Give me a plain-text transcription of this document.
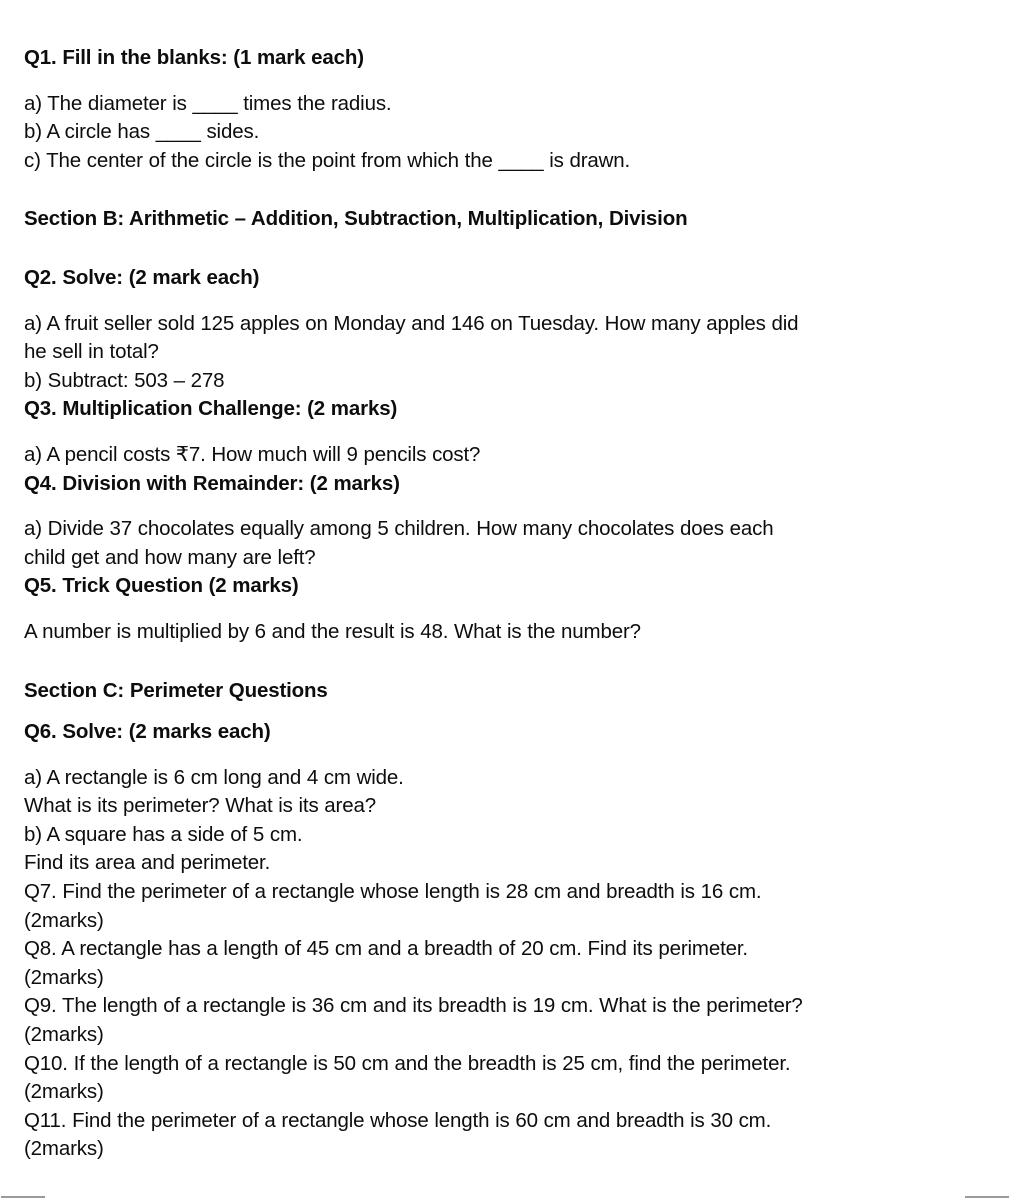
Q1. Fill in the blanks: (1 mark each)
a) The diameter is ____ times the radius.
b) A circle has ____ sides.
c) The center of the circle is the point from which the ____ is drawn.
Section B: Arithmetic – Addition, Subtraction, Multiplication, Division
Q2. Solve: (2 mark each)
a) A fruit seller sold 125 apples on Monday and 146 on Tuesday. How many apples did
he sell in total?
b) Subtract: 503 – 278
Q3. Multiplication Challenge: (2 marks)
a) A pencil costs ₹7. How much will 9 pencils cost?
Q4. Division with Remainder: (2 marks)
a) Divide 37 chocolates equally among 5 children. How many chocolates does each
child get and how many are left?
Q5. Trick Question (2 marks)
A number is multiplied by 6 and the result is 48. What is the number?
Section C: Perimeter Questions
Q6. Solve: (2 marks each)
a) A rectangle is 6 cm long and 4 cm wide.
What is its perimeter? What is its area?
b) A square has a side of 5 cm.
Find its area and perimeter.
Q7. Find the perimeter of a rectangle whose length is 28 cm and breadth is 16 cm.
(2marks)
Q8. A rectangle has a length of 45 cm and a breadth of 20 cm. Find its perimeter.
(2marks)
Q9. The length of a rectangle is 36 cm and its breadth is 19 cm. What is the perimeter?
(2marks)
Q10. If the length of a rectangle is 50 cm and the breadth is 25 cm, find the perimeter.
(2marks)
Q11. Find the perimeter of a rectangle whose length is 60 cm and breadth is 30 cm.
(2marks)
